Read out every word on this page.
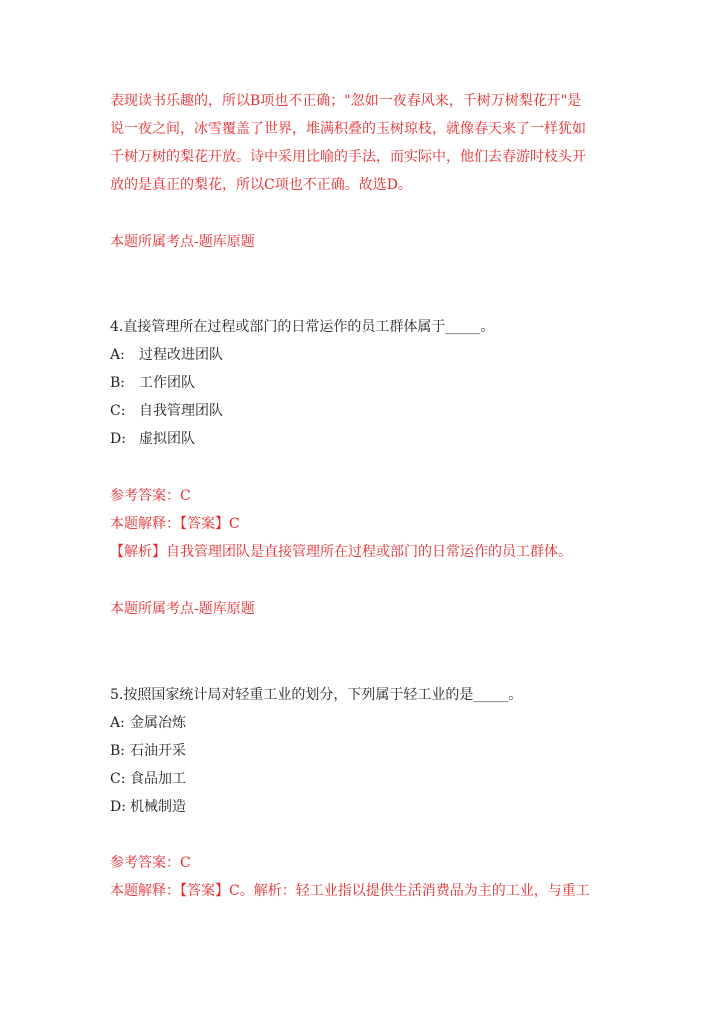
表现读书乐趣的，所以B项也不正确；"忽如一夜春风来，千树万树梨花开"是
说一夜之间，冰雪覆盖了世界，堆满积叠的玉树琼枝，就像春天来了一样犹如
千树万树的梨花开放。诗中采用比喻的手法，而实际中，他们去春游时枝头开
放的是真正的梨花，所以C项也不正确。故选D。
本题所属考点-题库原题
4.直接管理所在过程或部门的日常运作的员工群体属于_____。
A: 过程改进团队
B: 工作团队
C: 自我管理团队
D: 虚拟团队
参考答案：C
本题解释：【答案】C
【解析】自我管理团队是直接管理所在过程或部门的日常运作的员工群体。
本题所属考点-题库原题
5.按照国家统计局对轻重工业的划分，下列属于轻工业的是_____。
A: 金属冶炼
B: 石油开采
C: 食品加工
D: 机械制造
参考答案：C
本题解释：【答案】C。解析：轻工业指以提供生活消费品为主的工业，与重工
